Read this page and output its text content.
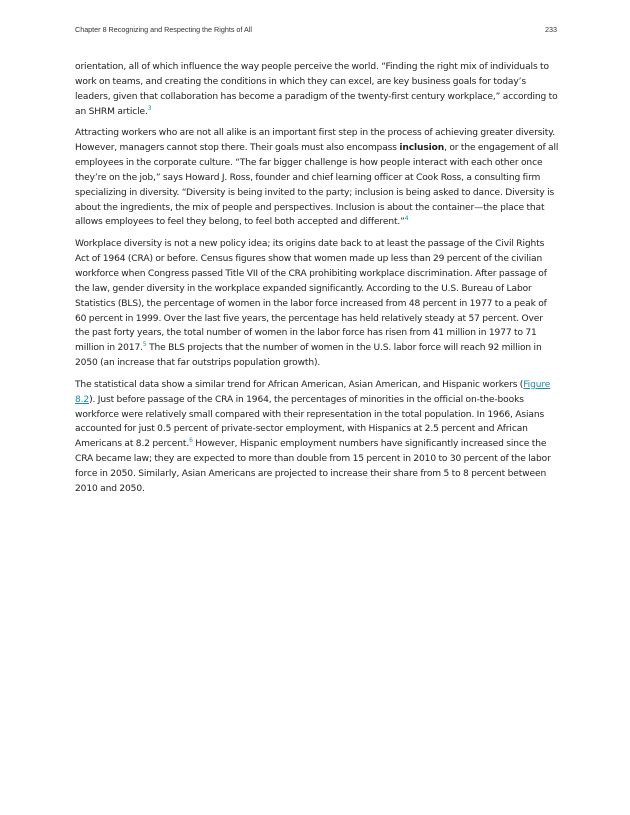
Chapter 8 Recognizing and Respecting the Rights of All	233

orientation, all of which influence the way people perceive the world. “Finding the right mix of individuals to work on teams, and creating the conditions in which they can excel, are key business goals for today’s leaders, given that collaboration has become a paradigm of the twenty-first century workplace,” according to an SHRM article.$^3$

Attracting workers who are not all alike is an important first step in the process of achieving greater diversity. However, managers cannot stop there. Their goals must also encompass inclusion, or the engagement of all employees in the corporate culture. “The far bigger challenge is how people interact with each other once they’re on the job,” says Howard J. Ross, founder and chief learning officer at Cook Ross, a consulting firm specializing in diversity. “Diversity is being invited to the party; inclusion is being asked to dance. Diversity is about the ingredients, the mix of people and perspectives. Inclusion is about the container—the place that allows employees to feel they belong, to feel both accepted and different.”$^4$

Workplace diversity is not a new policy idea; its origins date back to at least the passage of the Civil Rights Act of 1964 (CRA) or before. Census figures show that women made up less than 29 percent of the civilian workforce when Congress passed Title VII of the CRA prohibiting workplace discrimination. After passage of the law, gender diversity in the workplace expanded significantly. According to the U.S. Bureau of Labor Statistics (BLS), the percentage of women in the labor force increased from 48 percent in 1977 to a peak of 60 percent in 1999. Over the last five years, the percentage has held relatively steady at 57 percent. Over the past forty years, the total number of women in the labor force has risen from 41 million in 1977 to 71 million in 2017.$^5$ The BLS projects that the number of women in the U.S. labor force will reach 92 million in 2050 (an increase that far outstrips population growth).

The statistical data show a similar trend for African American, Asian American, and Hispanic workers (Figure 8.2). Just before passage of the CRA in 1964, the percentages of minorities in the official on-the-books workforce were relatively small compared with their representation in the total population. In 1966, Asians accounted for just 0.5 percent of private-sector employment, with Hispanics at 2.5 percent and African Americans at 8.2 percent.$^6$ However, Hispanic employment numbers have significantly increased since the CRA became law; they are expected to more than double from 15 percent in 2010 to 30 percent of the labor force in 2050. Similarly, Asian Americans are projected to increase their share from 5 to 8 percent between 2010 and 2050.
